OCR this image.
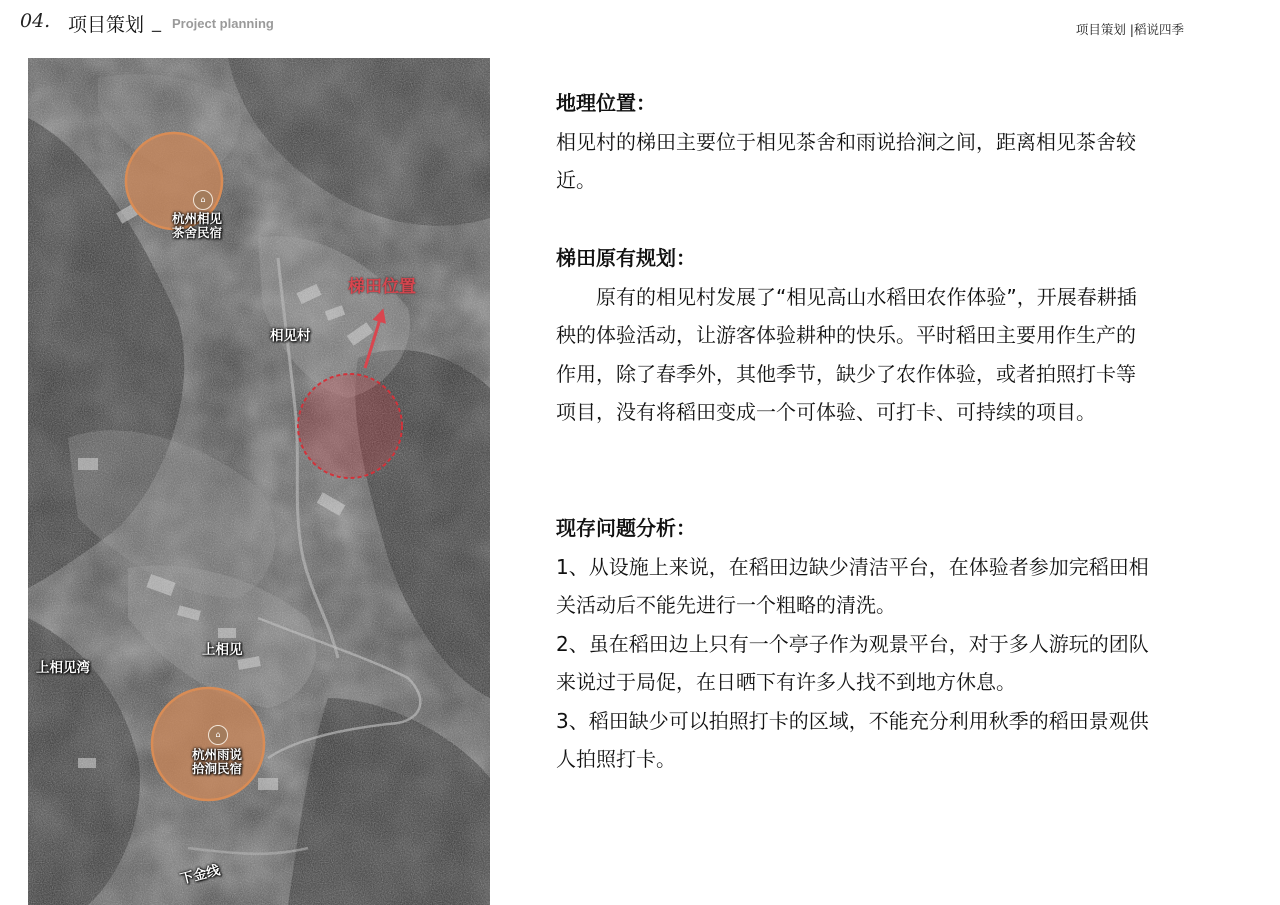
04. 项目策划 _ Project planning	项目策划 |稻说四季
⌂
⌂
杭州相见
茶舍民宿
杭州雨说
拾涧民宿
梯田位置
相见村
上相见
上相见湾
下金线
地理位置：

相见村的梯田主要位于相见茶舍和雨说拾涧之间，距离相见茶舍较近。

梯田原有规划：

原有的相见村发展了“相见高山水稻田农作体验”，开展春耕插秧的体验活动，让游客体验耕种的快乐。平时稻田主要用作生产的作用，除了春季外，其他季节，缺少了农作体验，或者拍照打卡等项目，没有将稻田变成一个可体验、可打卡、可持续的项目。

现存问题分析：

1、从设施上来说，在稻田边缺少清洁平台，在体验者参加完稻田相关活动后不能先进行一个粗略的清洗。

2、虽在稻田边上只有一个亭子作为观景平台，对于多人游玩的团队来说过于局促，在日晒下有许多人找不到地方休息。

3、稻田缺少可以拍照打卡的区域，不能充分利用秋季的稻田景观供人拍照打卡。
